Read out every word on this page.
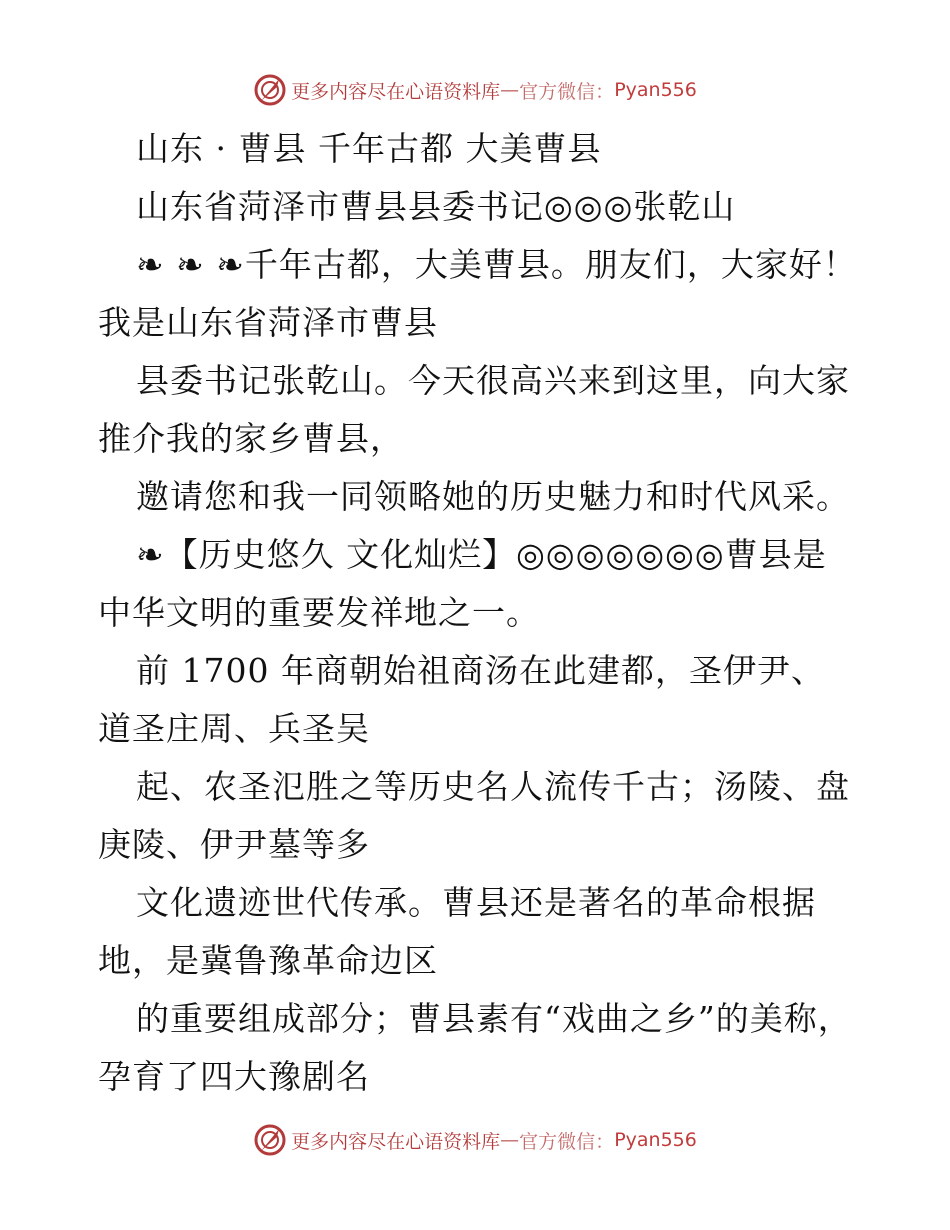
更多内容尽在心语资料库 — 官方微信： Pyan556

山东 · 曹县 千年古都 大美曹县

山东省菏泽市曹县县委书记◎◎◎张乾山

❧ ❧ ❧千年古都，大美曹县。朋友们，大家好！我是山东省菏泽市曹县

县委书记张乾山。今天很高兴来到这里，向大家推介我的家乡曹县，

邀请您和我一同领略她的历史魅力和时代风采。

❧【历史悠久 文化灿烂】◎◎◎◎◎◎◎曹县是中华文明的重要发祥地之一。

前 1700 年商朝始祖商汤在此建都，圣伊尹、道圣庄周、兵圣吴

起、农圣氾胜之等历史名人流传千古；汤陵、盘庚陵、伊尹墓等多

文化遗迹世代传承。曹县还是著名的革命根据地，是冀鲁豫革命边区

的重要组成部分；曹县素有“戏曲之乡”的美称，孕育了四大豫剧名

更多内容尽在心语资料库 — 官方微信： Pyan556
